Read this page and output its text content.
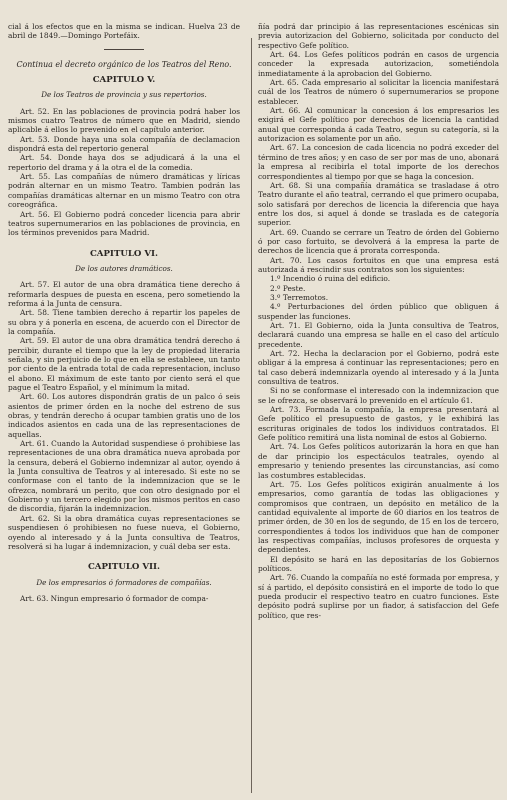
cial á los efectos que en la misma se indican. Huelva 23 de abril de 1849.—Domingo Portefáix.

Continua el decreto orgánico de los Teatros del Reno.
CAPITULO V.
De los Teatros de provincia y sus repertorios.

Art. 52. En las poblaciones de provincia podrá haber los mismos cuatro Teatros de número que en Madrid, siendo aplicable á ellos lo prevenido en el capítulo anterior.

Art. 53. Donde haya una sola compañía de declamacion dispondrá esta del repertorio general

Art. 54. Donde haya dos se adjudicará á la una el repertorio del drama y á la otra el de la comedia.

Art. 55. Las compañías de número dramáticas y líricas podrán alternar en un mismo Teatro. Tambien podrán las compañías dramáticas alternar en un mismo Teatro con otra coreográfica.

Art. 56. El Gobierno podrá conceder licencia para abrir teatros supernumerarios en las poblaciones de provincia, en los términos prevenidos para Madrid.

CAPITULO VI.
De los autores dramáticos.

Art. 57. El autor de una obra dramática tiene derecho á reformarla despues de puesta en escena, pero sometiendo la reforma á la Junta de censura.

Art. 58. Tiene tambien derecho á repartir los papeles de su obra y á ponerla en escena, de acuerdo con el Director de la compañía.

Art. 59. El autor de una obra dramática tendrá derecho á percibir, durante el tiempo que la ley de propiedad literaria señala, y sin perjuicio de lo que en ella se estableee, un tanto por ciento de la entrada total de cada representacion, incluso el abono. El máximum de este tanto por ciento será el que pague el Teatro Español, y el mínimum la mitad.

Art. 60. Los autores dispondrán gratis de un palco ó seis asientos de primer órden en la noche del estreno de sus obras, y tendrán derecho á ocupar tambien gratis uno de los indicados asientos en cada una de las representaciones de aquellas.

Art. 61. Cuando la Autoridad suspendiese ó prohibiese las representaciones de una obra dramática nueva aprobada por la censura, deberá el Gobierno indemnizar al autor, oyendo á la Junta consultiva de Teatros y al interesado. Si este no se conformase con el tanto de la indemnizacion que se le ofrezca, nombrará un perito, que con otro designado por el Gobierno y un tercero elegido por los mismos peritos en caso de discordia, fijarán la indemnizacion.

Art. 62. Si la obra dramática cuyas representaciones se suspendiesen ó prohibiesen no fuese nueva, el Gobierno, oyendo al interesado y á la Junta consultiva de Teatros, resolverá si ha lugar á indemnizacion, y cuál deba ser esta.

CAPITULO VII.
De los empresarios ó formadores de compañías.

Art. 63. Ningun empresario ó formador de compa-

ñía podrá dar principio á las representaciones escénicas sin previa autorizacion del Gobierno, solicitada por conducto del respectivo Gefe político.

Art. 64. Los Gefes políticos podrán en casos de urgencia conceder la expresada autorizacion, sometiéndola inmediatamente á la aprobacion del Gobierno.

Art. 65. Cada empresario al solicitar la licencia manifestará cuál de los Teatros de número ó supernumerarios se propone establecer.

Art. 66. Al comunicar la concesion á los empresarios les exigirá el Gefe político por derechos de licencia la cantidad anual que corresponda á cada Teatro, segun su categoría, si la autorizacion es solamente por un año.

Art. 67. La concesion de cada licencia no podrá exceder del término de tres años; y en caso de ser por mas de uno, abonará la empresa al recibirla el total importe de los derechos correspondientes al tiempo por que se haga la concesion.

Art. 68. Si una compañía dramática se trasladase á otro Teatro durante el año teatral, cerrando el que primero ocupaba, solo satisfará por derechos de licencia la diferencia que haya entre los dos, si aquel á donde se traslada es de categoría superior.

Art. 69. Cuando se cerrare un Teatro de órden del Gobierno ó por caso fortuito, se devolverá á la empresa la parte de derechos de licencia que á prorata corresponda.

Art. 70. Los casos fortuitos en que una empresa está autorizada á rescindir sus contratos son los siguientes:

1.º Incendio ó ruina del edificio.

2.º Peste.

3.º Terremotos.

4.º Perturbaciones del órden público que obliguen á suspender las funciones.

Art. 71. El Gobierno, oida la Junta consultiva de Teatros, declarará cuando una empresa se halle en el caso del artículo precedente.

Art. 72. Hecha la declaracion por el Gobierno, podrá este obligar á la empresa á continuar las representaciones; pero en tal caso deberá indemnizarla oyendo al interesado y á la Junta consultiva de teatros.

Si no se conformase el interesado con la indemnizacion que se le ofrezca, se observará lo prevenido en el artículo 61.

Art. 73. Formada la compañía, la empresa presentará al Gefe político el presupuesto de gastos, y le exhibirá las escrituras originales de todos los individuos contratados. El Gefe político remitirá una lista nominal de estos al Gobierno.

Art. 74. Los Gefes políticos autorizarán la hora en que han de dar principio los espectáculos teatrales, oyendo al empresario y teniendo presentes las circunstancias, así como las costumbres establecidas.

Art. 75. Los Gefes políticos exigirán anualmente á los empresarios, como garantía de todas las obligaciones y compromisos que contraen, un depósito en metálico de la cantidad equivalente al importe de 60 diarios en los teatros de primer órden, de 30 en los de segundo, de 15 en los de tercero, correspondientes á todos los individuos que han de componer las respectivas compañías, inclusos profesores de orquesta y dependientes.

El depósito se hará en las depositarías de los Gobiernos políticos.

Art. 76. Cuando la compañía no esté formada por empresa, y sí á partido, el depósito consistirá en el importe de todo lo que pueda producir el respectivo teatro en cuatro funciones. Este depósito podrá suplirse por un fiador, á satisfaccion del Gefe político, que res-
